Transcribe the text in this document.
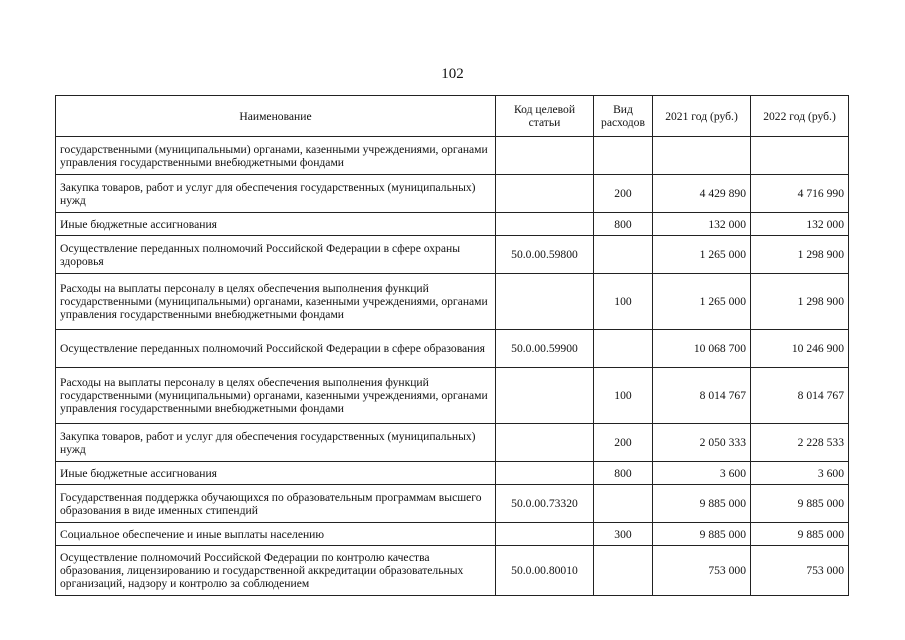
102
Наименование	Код целевой статьи	Вид расходов	2021 год (руб.)	2022 год (руб.)
государственными (муниципальными) органами, казенными учреждениями, органами управления государственными внебюджетными фондами				
Закупка товаров, работ и услуг для обеспечения государственных (муниципальных) нужд		200	4 429 890	4 716 990
Иные бюджетные ассигнования		800	132 000	132 000
Осуществление переданных полномочий Российской Федерации в сфере охраны здоровья	50.0.00.59800		1 265 000	1 298 900
Расходы на выплаты персоналу в целях обеспечения выполнения функций государственными (муниципальными) органами, казенными учреждениями, органами управления государственными внебюджетными фондами		100	1 265 000	1 298 900
Осуществление переданных полномочий Российской Федерации в сфере образования	50.0.00.59900		10 068 700	10 246 900
Расходы на выплаты персоналу в целях обеспечения выполнения функций государственными (муниципальными) органами, казенными учреждениями, органами управления государственными внебюджетными фондами		100	8 014 767	8 014 767
Закупка товаров, работ и услуг для обеспечения государственных (муниципальных) нужд		200	2 050 333	2 228 533
Иные бюджетные ассигнования		800	3 600	3 600
Государственная поддержка обучающихся по образовательным программам высшего образования в виде именных стипендий	50.0.00.73320		9 885 000	9 885 000
Социальное обеспечение и иные выплаты населению		300	9 885 000	9 885 000
Осуществление полномочий Российской Федерации по контролю качества образования, лицензированию и государственной аккредитации образовательных организаций, надзору и контролю за соблюдением	50.0.00.80010		753 000	753 000
